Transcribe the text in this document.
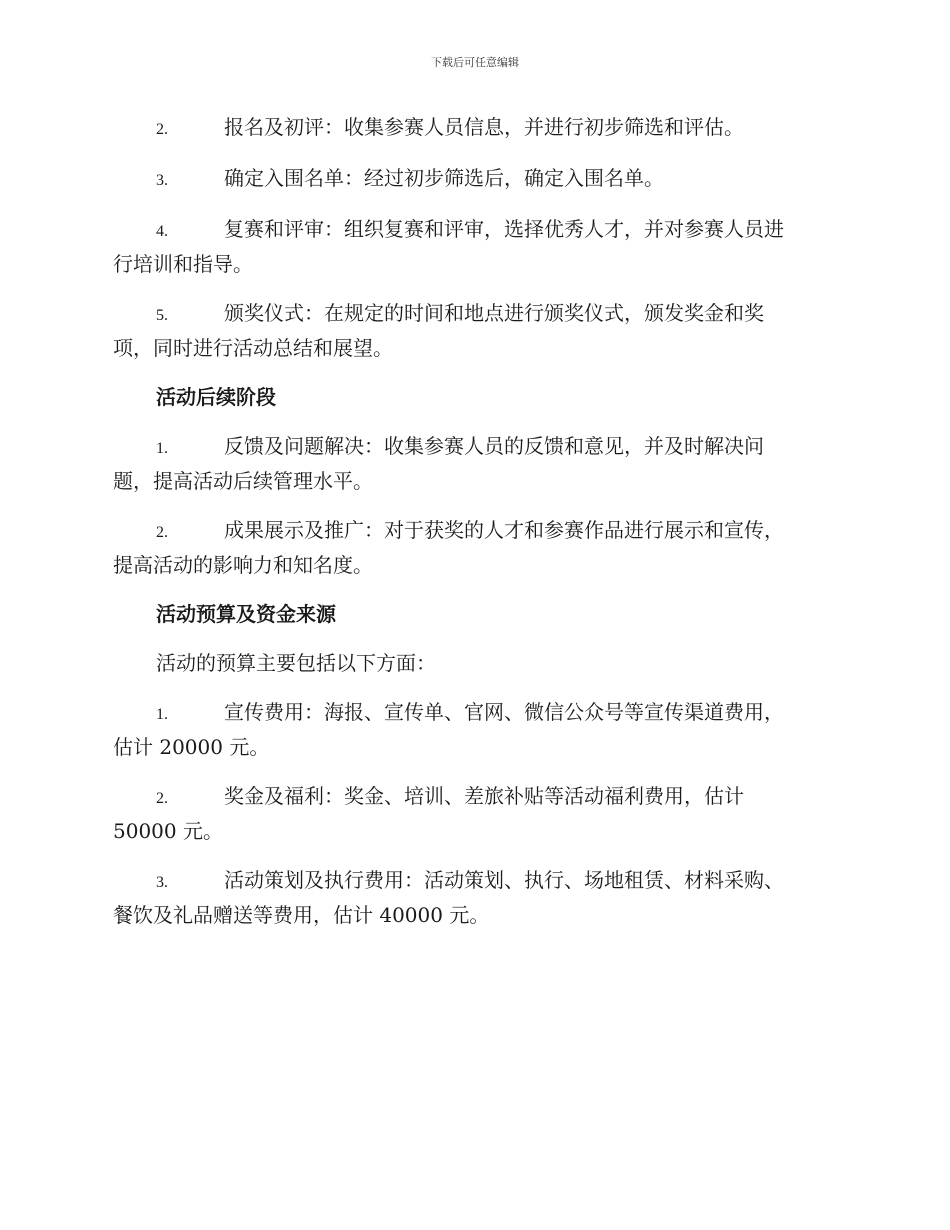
下载后可任意编辑
2.	报名及初评：收集参赛人员信息，并进行初步筛选和评估。
3.	确定入围名单：经过初步筛选后，确定入围名单。
4.	复赛和评审：组织复赛和评审，选择优秀人才，并对参赛人员进
行培训和指导。
5.	颁奖仪式：在规定的时间和地点进行颁奖仪式，颁发奖金和奖
项，同时进行活动总结和展望。
活动后续阶段
1.	反馈及问题解决：收集参赛人员的反馈和意见，并及时解决问
题，提高活动后续管理水平。
2.	成果展示及推广：对于获奖的人才和参赛作品进行展示和宣传，
提高活动的影响力和知名度。
活动预算及资金来源
活动的预算主要包括以下方面：
1.	宣传费用：海报、宣传单、官网、微信公众号等宣传渠道费用，
估计 20000 元。
2.	奖金及福利：奖金、培训、差旅补贴等活动福利费用，估计
50000 元。
3.	活动策划及执行费用：活动策划、执行、场地租赁、材料采购、
餐饮及礼品赠送等费用，估计 40000 元。
